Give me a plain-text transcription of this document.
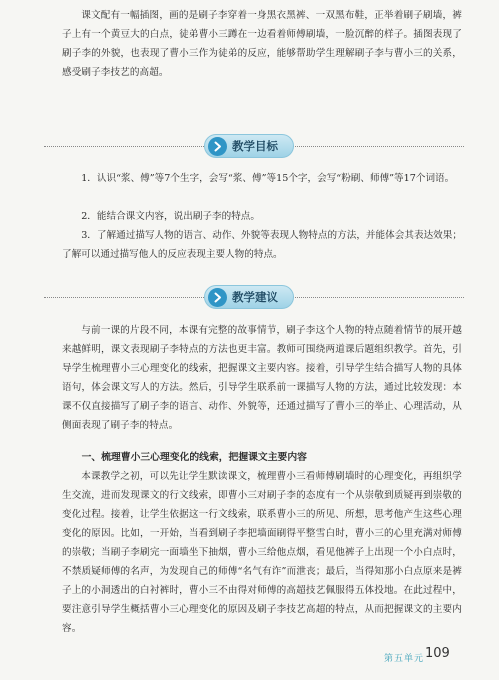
课文配有一幅插图，画的是刷子李穿着一身黑衣黑裤、一双黑布鞋，正举着刷子刷墙，裤子上有一个黄豆大的白点，徒弟曹小三蹲在一边看着师傅刷墙，一脸沉醉的样子。插图表现了刷子李的外貌，也表现了曹小三作为徒弟的反应，能够帮助学生理解刷子李与曹小三的关系，感受刷子李技艺的高超。

教学目标

1．认识“浆、傅”等7个生字，会写“浆、傅”等15个字，会写“粉刷、师傅”等17个词语。

2．能结合课文内容，说出刷子李的特点。

3．了解通过描写人物的语言、动作、外貌等表现人物特点的方法，并能体会其表达效果；了解可以通过描写他人的反应表现主要人物的特点。

教学建议

与前一课的片段不同，本课有完整的故事情节，刷子李这个人物的特点随着情节的展开越来越鲜明，课文表现刷子李特点的方法也更丰富。教师可围绕两道课后题组织教学。首先，引导学生梳理曹小三心理变化的线索，把握课文主要内容。接着，引导学生结合描写人物的具体语句，体会课文写人的方法。然后，引导学生联系前一课描写人物的方法，通过比较发现：本课不仅直接描写了刷子李的语言、动作、外貌等，还通过描写了曹小三的举止、心理活动，从侧面表现了刷子李的特点。

一、梳理曹小三心理变化的线索，把握课文主要内容

本课教学之初，可以先让学生默读课文，梳理曹小三看师傅刷墙时的心理变化，再组织学生交流，进而发现课文的行文线索，即曹小三对刷子李的态度有一个从崇敬到质疑再到崇敬的变化过程。接着，让学生依据这一行文线索，联系曹小三的所见、所想，思考他产生这些心理变化的原因。比如，一开始，当看到刷子李把墙面刷得平整雪白时，曹小三的心里充满对师傅的崇敬；当刷子李刷完一面墙坐下抽烟，曹小三给他点烟，看见他裤子上出现一个小白点时，不禁质疑师傅的名声，为发现自己的师傅“名气有诈”而泄丧；最后，当得知那小白点原来是裤子上的小洞透出的白衬裤时，曹小三不由得对师傅的高超技艺佩服得五体投地。在此过程中，要注意引导学生概括曹小三心理变化的原因及刷子李技艺高超的特点，从而把握课文的主要内容。

第五单元 109
